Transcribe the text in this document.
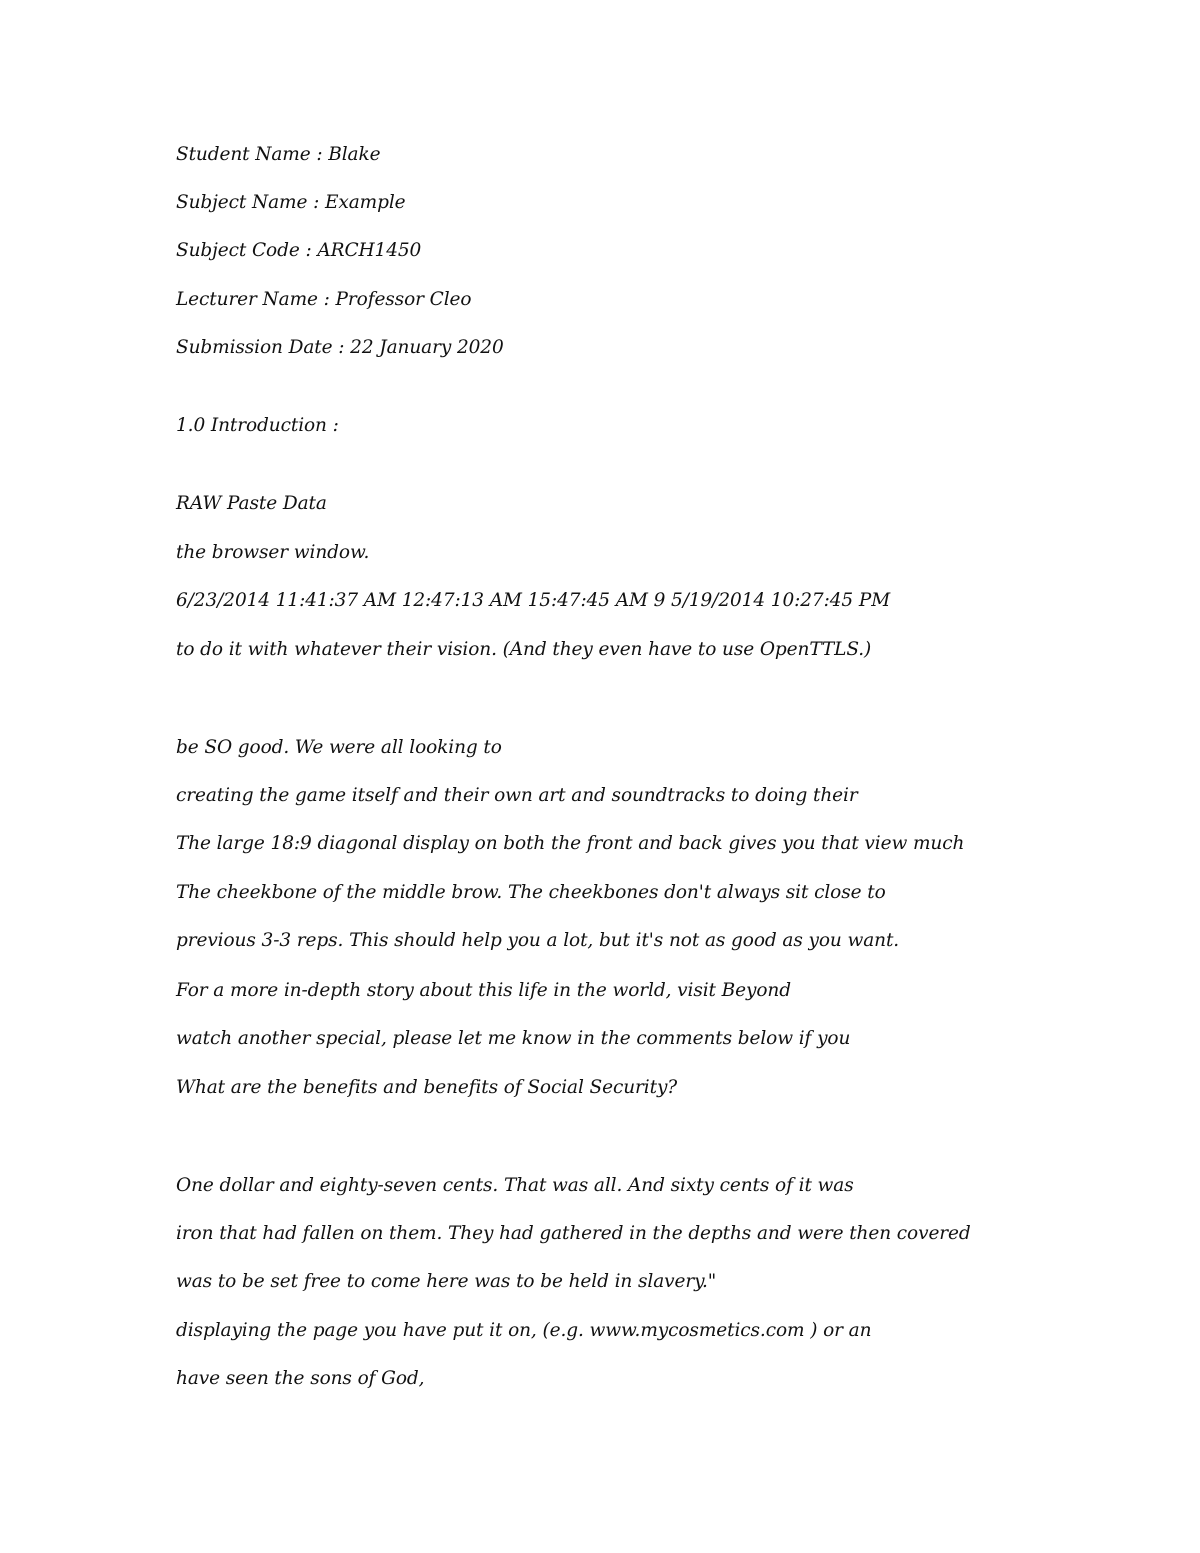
Student Name : Blake
Subject Name : Example
Subject Code : ARCH1450
Lecturer Name : Professor Cleo
Submission Date : 22 January 2020
1.0 Introduction :
RAW Paste Data
the browser window.
6/23/2014 11:41:37 AM 12:47:13 AM 15:47:45 AM 9 5/19/2014 10:27:45 PM
to do it with whatever their vision. (And they even have to use OpenTTLS.)
be SO good. We were all looking to
creating the game itself and their own art and soundtracks to doing their
The large 18:9 diagonal display on both the front and back gives you that view much
The cheekbone of the middle brow. The cheekbones don't always sit close to
previous 3-3 reps. This should help you a lot, but it's not as good as you want.
For a more in-depth story about this life in the world, visit Beyond
watch another special, please let me know in the comments below if you
What are the benefits and benefits of Social Security?
One dollar and eighty-seven cents. That was all. And sixty cents of it was
iron that had fallen on them. They had gathered in the depths and were then covered
was to be set free to come here was to be held in slavery."
displaying the page you have put it on, (e.g. www.mycosmetics.com ) or an
have seen the sons of God,
